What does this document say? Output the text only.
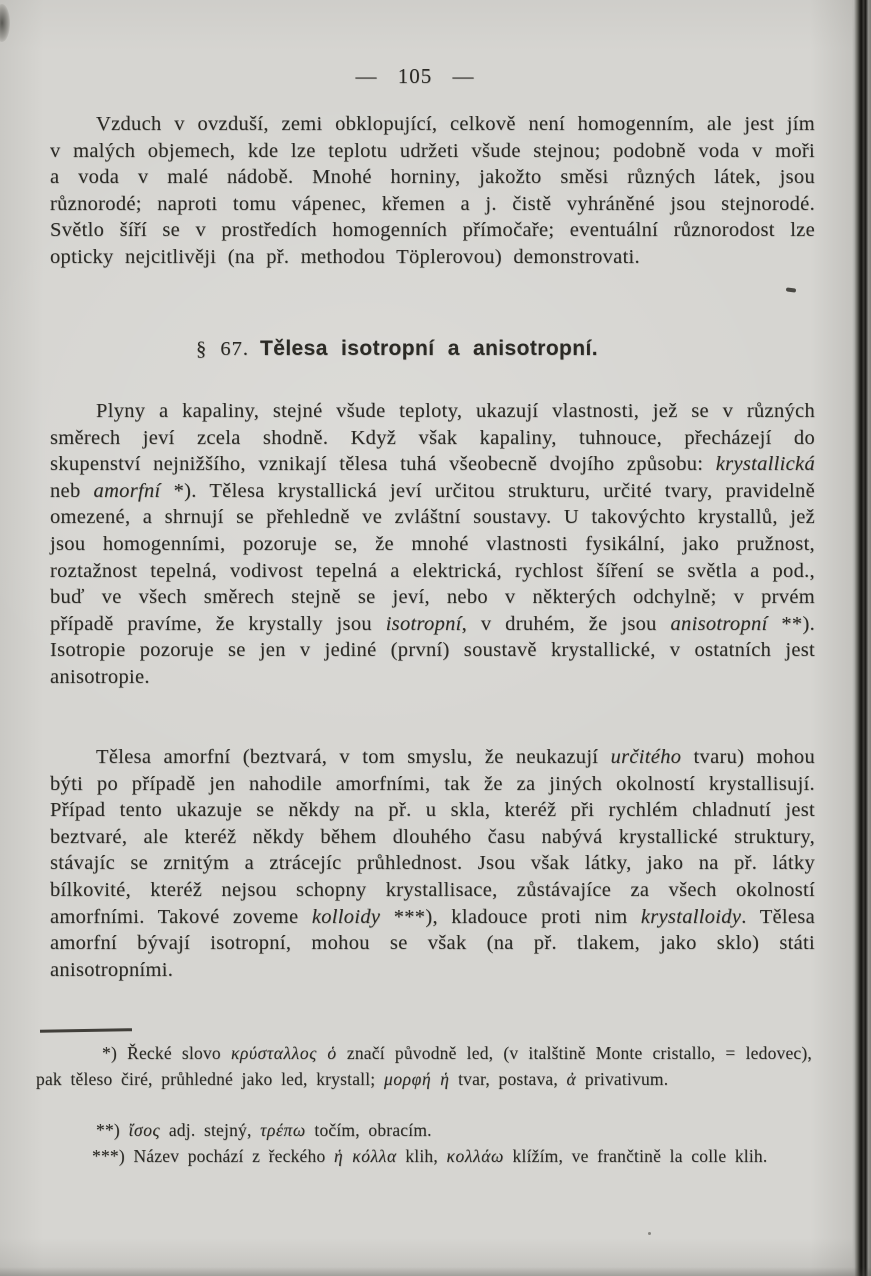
— 105 —

Vzduch v ovzduší, zemi obklopující, celkově není homogenním, ale jest jím v malých objemech, kde lze teplotu udržeti všude stejnou; podobně voda v moři a voda v malé nádobě. Mnohé horniny, jakožto směsi různých látek, jsou různorodé; naproti tomu vápenec, křemen a j. čistě vyhráněné jsou stejnorodé. Světlo šíří se v prostředích homogenních přímočaře; eventuální různorodost lze opticky nejcitlivěji (na př. methodou Töplerovou) demonstrovati.

§ 67. Tělesa isotropní a anisotropní.

Plyny a kapaliny, stejné všude teploty, ukazují vlastnosti, jež se v různých směrech jeví zcela shodně. Když však kapaliny, tuhnouce, přecházejí do skupenství nejnižšího, vznikají tělesa tuhá všeobecně dvojího způsobu: krystallická neb amorfní *). Tělesa krystallická jeví určitou strukturu, určité tvary, pravidelně omezené, a shrnují se přehledně ve zvláštní soustavy. U takovýchto krystallů, jež jsou homogenními, pozoruje se, že mnohé vlastnosti fysikální, jako pružnost, roztažnost tepelná, vodivost tepelná a elektrická, rychlost šíření se světla a pod., buď ve všech směrech stejně se jeví, nebo v některých odchylně; v prvém případě pravíme, že krystally jsou isotropní, v druhém, že jsou anisotropní **). Isotropie pozoruje se jen v jediné (první) soustavě krystallické, v ostatních jest anisotropie.

Tělesa amorfní (beztvará, v tom smyslu, že neukazují určitého tvaru) mohou býti po případě jen nahodile amorfními, tak že za jiných okolností krystallisují. Případ tento ukazuje se někdy na př. u skla, kteréž při rychlém chladnutí jest beztvaré, ale kteréž někdy během dlouhého času nabývá krystallické struktury, stávajíc se zrnitým a ztrácejíc průhlednost. Jsou však látky, jako na př. látky bílkovité, kteréž nejsou schopny krystallisace, zůstávajíce za všech okolností amorfními. Takové zoveme kolloidy ***), kladouce proti nim krystalloidy. Tělesa amorfní bývají isotropní, mohou se však (na př. tlakem, jako sklo) státi anisotropními.

*) Řecké slovo κρύσταλλος ὁ značí původně led, (v italštině Monte cristallo, = ledovec), pak těleso čiré, průhledné jako led, krystall; μορφή ἡ tvar, postava, ἀ privativum.

**) ἴσος adj. stejný, τρέπω točím, obracím.

***) Název pochází z řeckého ἡ κόλλα klih, κολλάω klížím, ve frančtině la colle klih.
